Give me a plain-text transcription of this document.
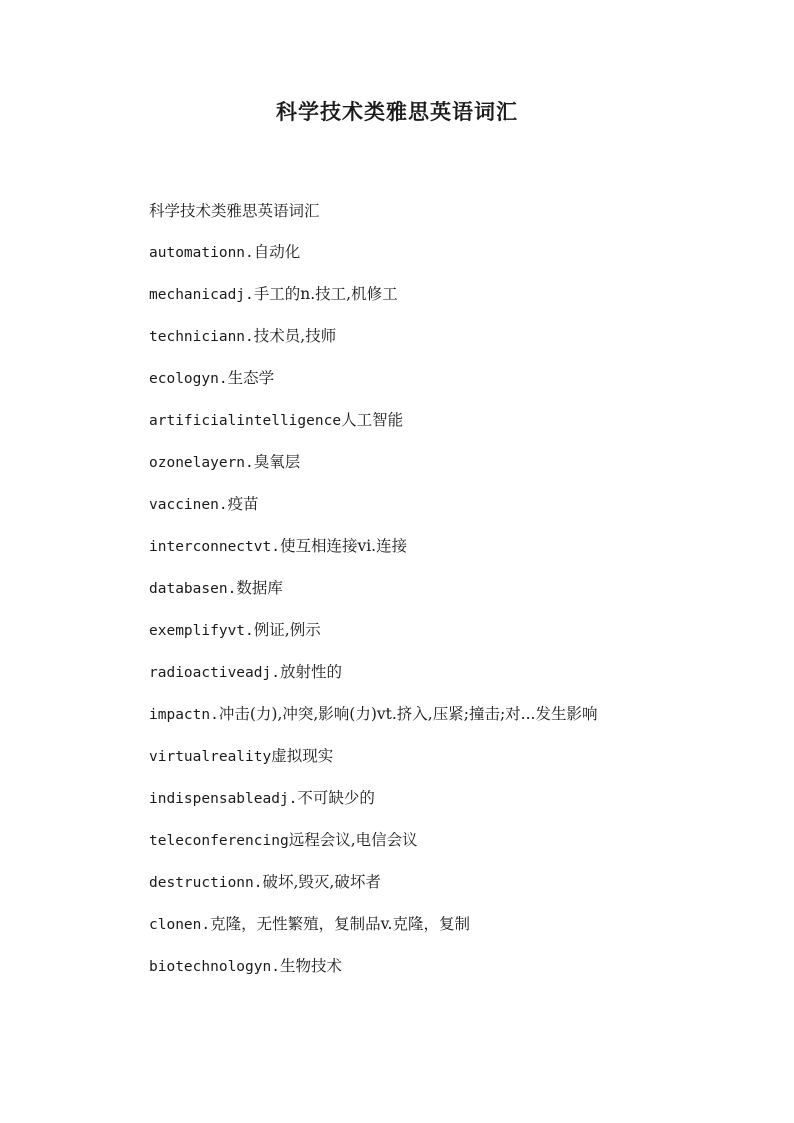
科学技术类雅思英语词汇
科学技术类雅思英语词汇
automationn.自动化
mechanicadj.手工的n.技工,机修工
techniciann.技术员,技师
ecologyn.生态学
artificialintelligence人工智能
ozonelayern.臭氧层
vaccinen.疫苗
interconnectvt.使互相连接vi.连接
databasen.数据库
exemplifyvt.例证,例示
radioactiveadj.放射性的
impactn.冲击(力),冲突,影响(力)vt.挤入,压紧;撞击;对...发生影响
virtualreality虚拟现实
indispensableadj.不可缺少的
teleconferencing远程会议,电信会议
destructionn.破坏,毁灭,破坏者
clonen.克隆，无性繁殖，复制品v.克隆，复制
biotechnologyn.生物技术
